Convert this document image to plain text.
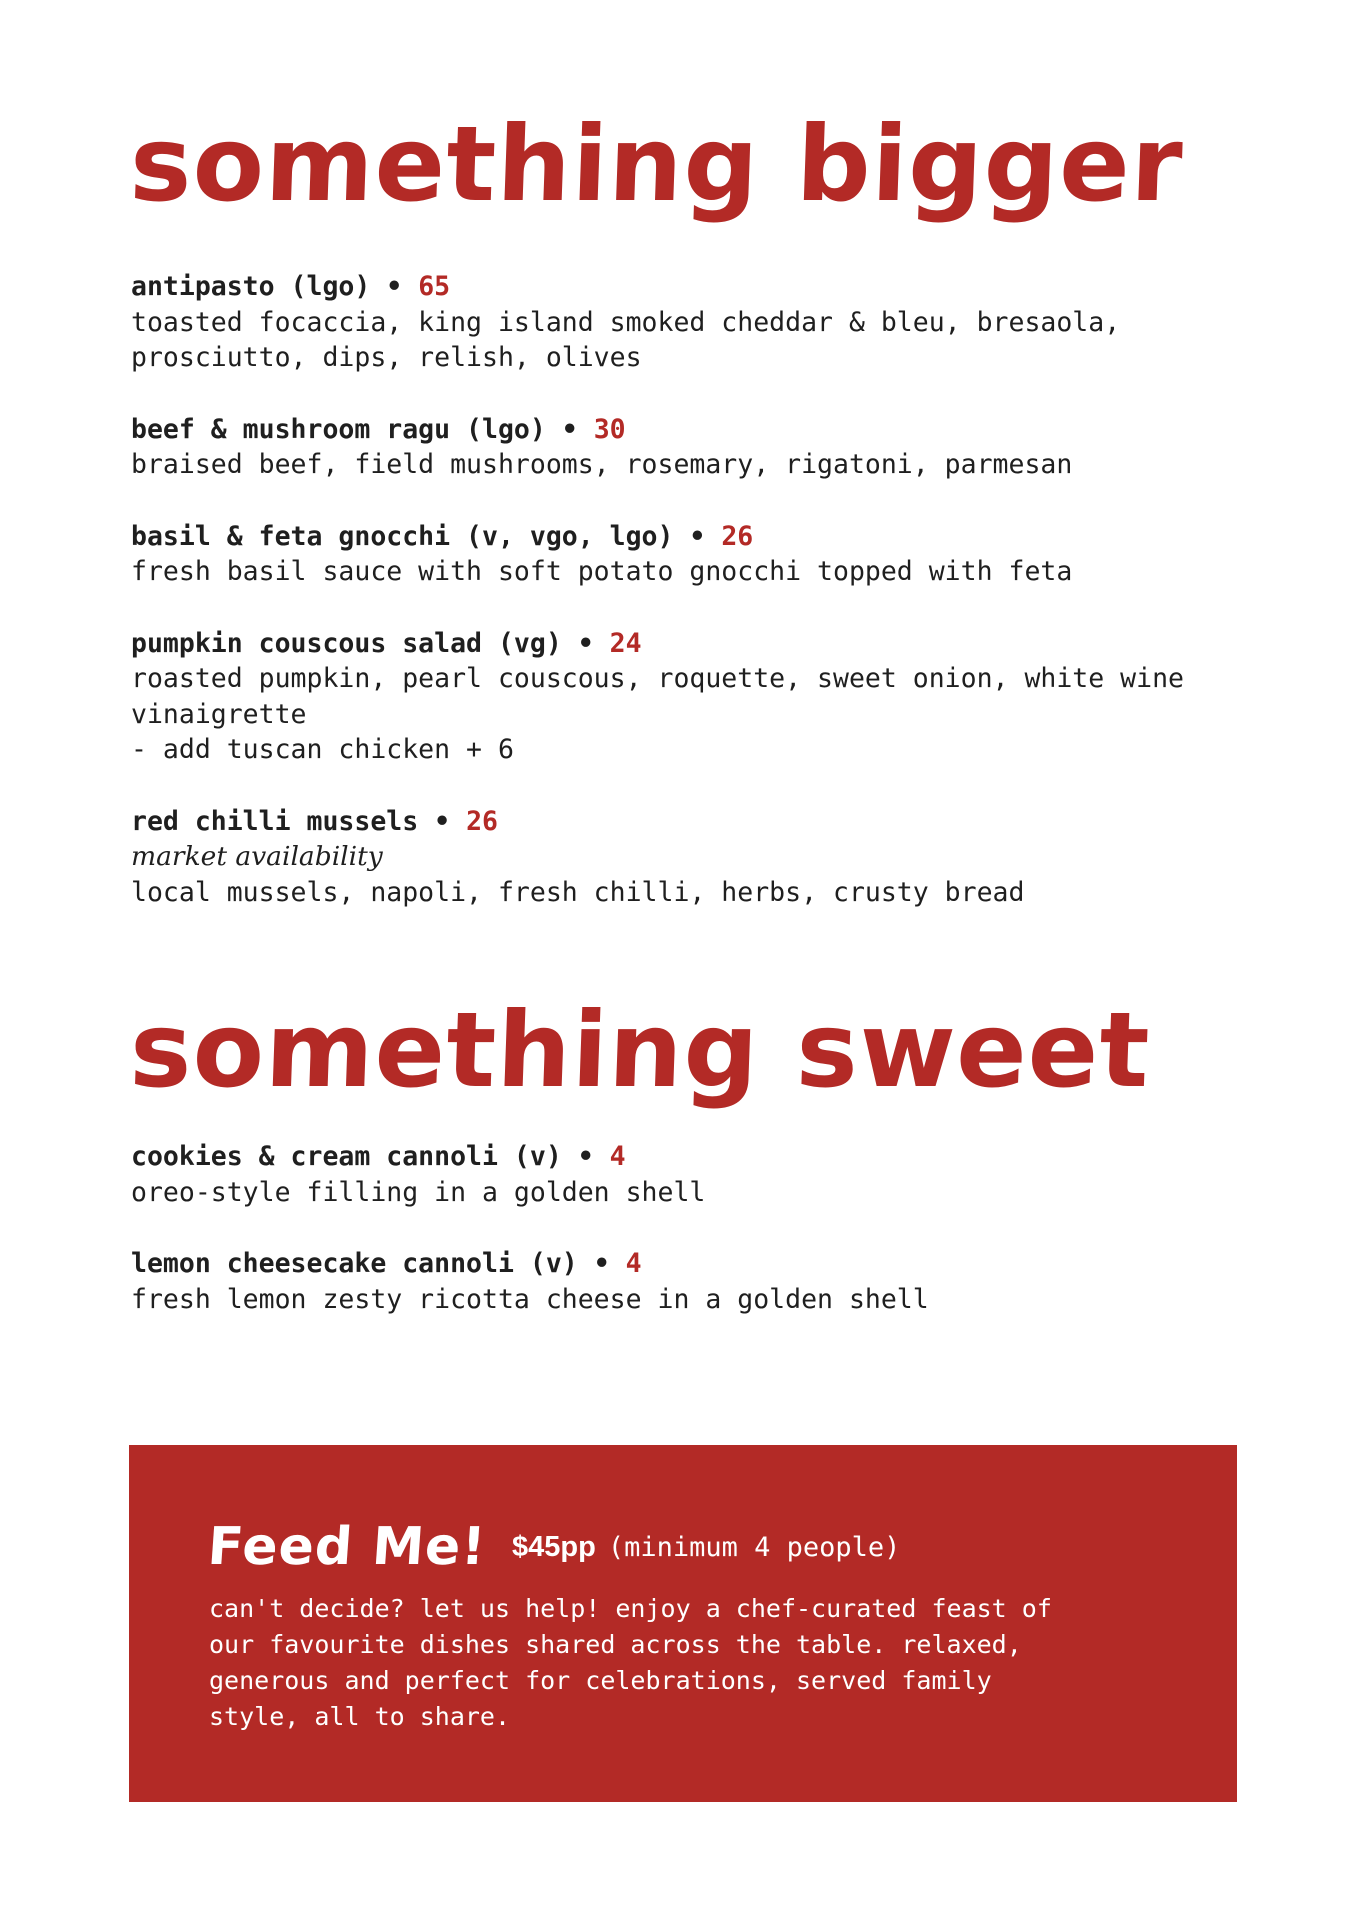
something bigger
antipasto (lgo) • 65
toasted focaccia, king island smoked cheddar & bleu, bresaola, prosciutto, dips, relish, olives
beef & mushroom ragu (lgo) • 30
braised beef, field mushrooms, rosemary, rigatoni, parmesan
basil & feta gnocchi (v, vgo, lgo) • 26
fresh basil sauce with soft potato gnocchi topped with feta
pumpkin couscous salad (vg) • 24
roasted pumpkin, pearl couscous, roquette, sweet onion, white wine vinaigrette
- add tuscan chicken + 6
red chilli mussels • 26
market availability
local mussels, napoli, fresh chilli, herbs, crusty bread
something sweet
cookies & cream cannoli (v) • 4
oreo-style filling in a golden shell
lemon cheesecake cannoli (v) • 4
fresh lemon zesty ricotta cheese in a golden shell
Feed Me! $45pp (minimum 4 people)

can't decide? let us help! enjoy a chef-curated feast of our favourite dishes shared across the table. relaxed, generous and perfect for celebrations, served family style, all to share.
